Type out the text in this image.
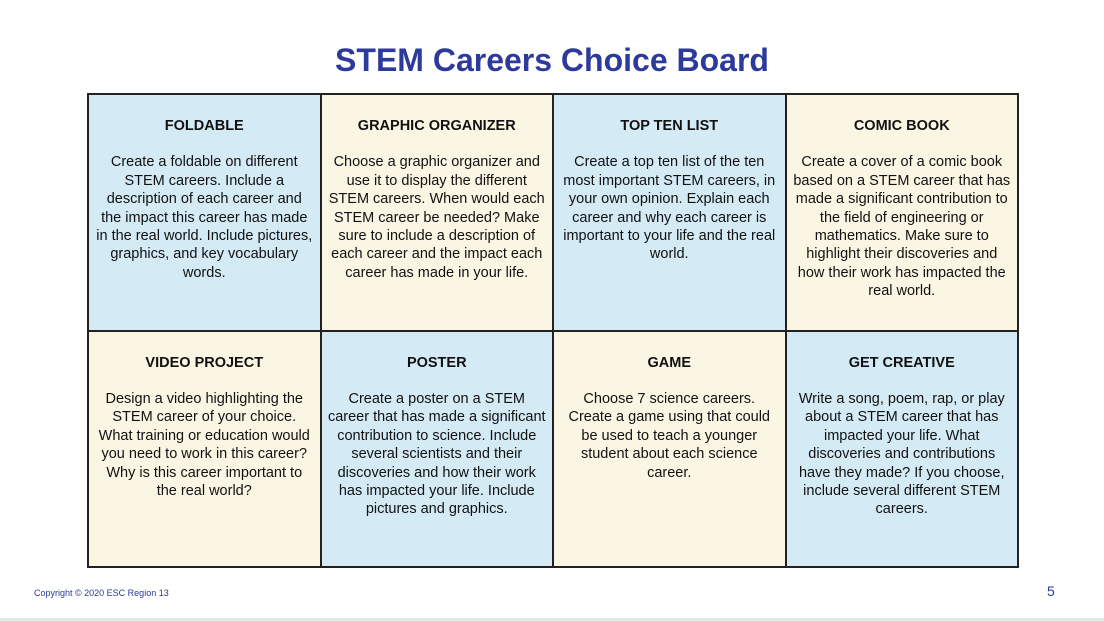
STEM Careers Choice Board
FOLDABLE
Create a foldable on different STEM careers. Include a description of each career and the impact this career has made in the real world. Include pictures, graphics, and key vocabulary words.
GRAPHIC ORGANIZER
Choose a graphic organizer and use it to display the different STEM careers. When would each STEM career be needed? Make sure to include a description of each career and the impact each career has made in your life.
TOP TEN LIST
Create a top ten list of the ten most important STEM careers, in your own opinion. Explain each career and why each career is important to your life and the real world.
COMIC BOOK
Create a cover of a comic book based on a STEM career that has made a significant contribution to the field of engineering or mathematics. Make sure to highlight their discoveries and how their work has impacted the real world.
VIDEO PROJECT
Design a video highlighting the STEM career of your choice. What training or education would you need to work in this career? Why is this career important to the real world?
POSTER
Create a poster on a STEM career that has made a significant contribution to science. Include several scientists and their discoveries and how their work has impacted your life. Include pictures and graphics.
GAME
Choose 7 science careers. Create a game using that could be used to teach a younger student about each science career.
GET CREATIVE
Write a song, poem, rap, or play about a STEM career that has impacted your life. What discoveries and contributions have they made? If you choose, include several different STEM careers.
Copyright © 2020 ESC Region 13	5
